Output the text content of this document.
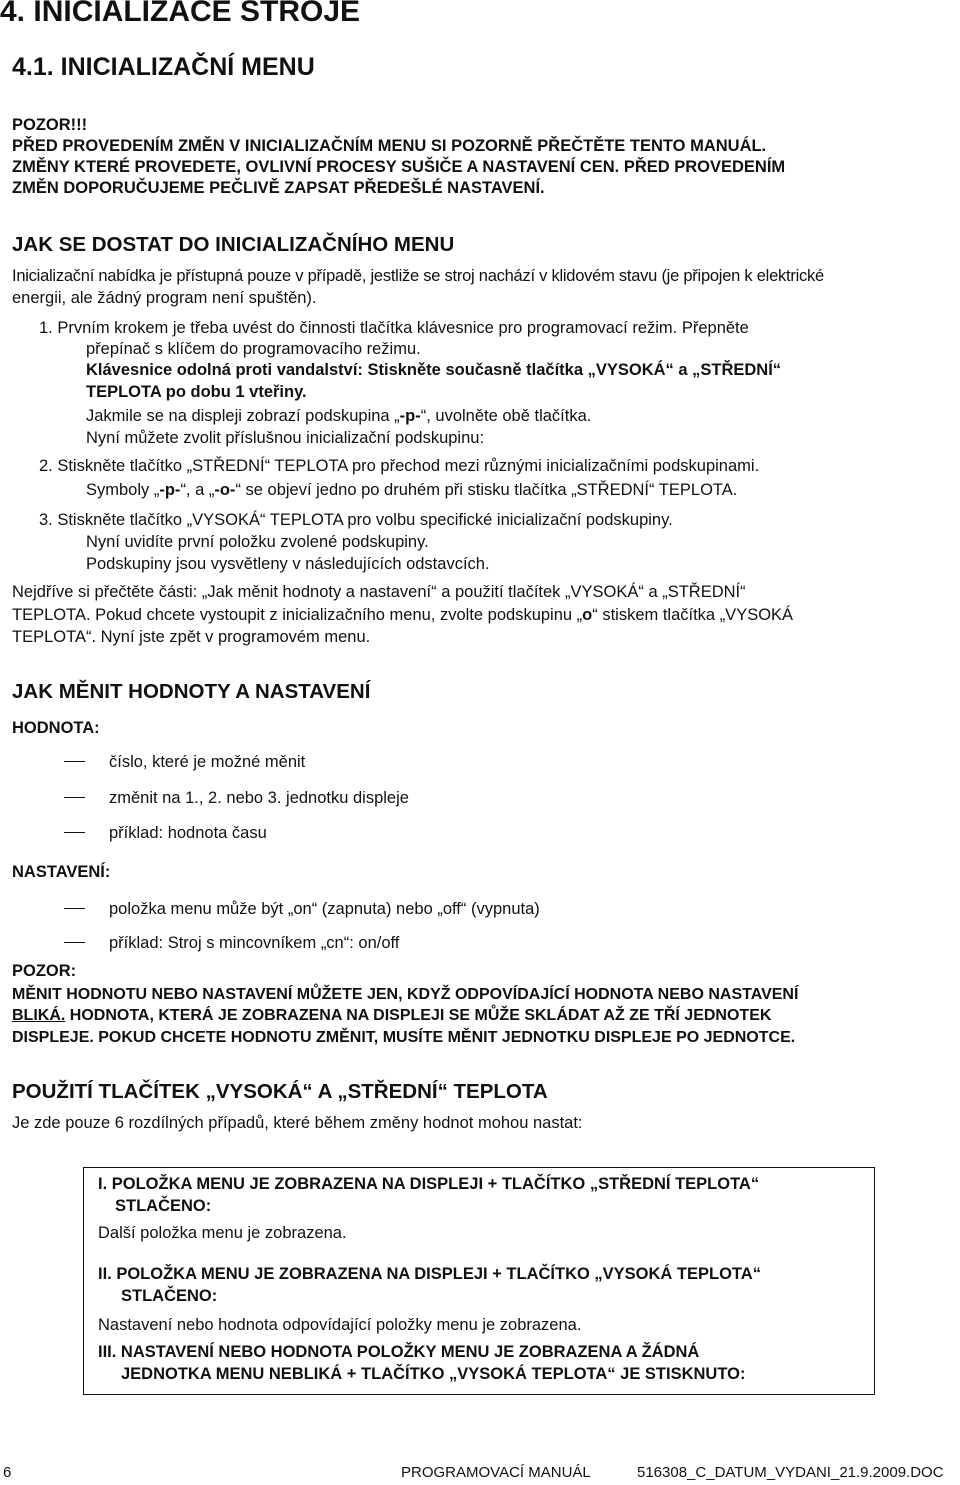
4. INICIALIZACE STROJE
4.1. INICIALIZAČNÍ MENU
POZOR!!!
PŘED PROVEDENÍM ZMĚN V INICIALIZAČNÍM MENU SI POZORNĚ PŘEČTĚTE TENTO MANUÁL.
ZMĚNY KTERÉ PROVEDETE, OVLIVNÍ PROCESY SUŠIČE A NASTAVENÍ CEN. PŘED PROVEDENÍM
ZMĚN DOPORUČUJEME PEČLIVĚ ZAPSAT PŘEDEŠLÉ NASTAVENÍ.
JAK SE DOSTAT DO INICIALIZAČNÍHO MENU
Inicializační nabídka je přístupná pouze v případě, jestliže se stroj nachází v klidovém stavu (je připojen k elektrické
energii, ale žádný program není spuštěn).
1. Prvním krokem je třeba uvést do činnosti tlačítka klávesnice pro programovací režim. Přepněte
přepínač s klíčem do programovacího režimu.
Klávesnice odolná proti vandalství: Stiskněte současně tlačítka „VYSOKÁ“ a „STŘEDNÍ“
TEPLOTA po dobu 1 vteřiny.
Jakmile se na displeji zobrazí podskupina „-p-“, uvolněte obě tlačítka.
Nyní můžete zvolit příslušnou inicializační podskupinu:
2. Stiskněte tlačítko „STŘEDNÍ“ TEPLOTA pro přechod mezi různými inicializačními podskupinami.
Symboly „-p-“, a „-o-“ se objeví jedno po druhém při stisku tlačítka „STŘEDNÍ“ TEPLOTA.
3. Stiskněte tlačítko „VYSOKÁ“ TEPLOTA pro volbu specifické inicializační podskupiny.
Nyní uvidíte první položku zvolené podskupiny.
Podskupiny jsou vysvětleny v následujících odstavcích.
Nejdříve si přečtěte části: „Jak měnit hodnoty a nastavení“ a použití tlačítek „VYSOKÁ“ a „STŘEDNÍ“
TEPLOTA. Pokud chcete vystoupit z inicializačního menu, zvolte podskupinu „o“ stiskem tlačítka „VYSOKÁ
TEPLOTA“. Nyní jste zpět v programovém menu.
JAK MĚNIT HODNOTY A NASTAVENÍ
HODNOTA:
číslo, které je možné měnit
změnit na 1., 2. nebo 3. jednotku displeje
příklad: hodnota času
NASTAVENÍ:
položka menu může být „on“ (zapnuta) nebo „off“ (vypnuta)
příklad: Stroj s mincovníkem „cn“: on/off
POZOR:
MĚNIT HODNOTU NEBO NASTAVENÍ MŮŽETE JEN, KDYŽ ODPOVÍDAJÍCÍ HODNOTA NEBO NASTAVENÍ
BLIKÁ. HODNOTA, KTERÁ JE ZOBRAZENA NA DISPLEJI SE MŮŽE SKLÁDAT AŽ ZE TŘÍ JEDNOTEK
DISPLEJE. POKUD CHCETE HODNOTU ZMĚNIT, MUSÍTE MĚNIT JEDNOTKU DISPLEJE PO JEDNOTCE.
POUŽITÍ TLAČÍTEK „VYSOKÁ“ A „STŘEDNÍ“ TEPLOTA
Je zde pouze 6 rozdílných případů, které během změny hodnot mohou nastat:
I. POLOŽKA MENU JE ZOBRAZENA NA DISPLEJI + TLAČÍTKO „STŘEDNÍ TEPLOTA“
STLAČENO:
Další položka menu je zobrazena.
II. POLOŽKA MENU JE ZOBRAZENA NA DISPLEJI + TLAČÍTKO „VYSOKÁ TEPLOTA“
STLAČENO:
Nastavení nebo hodnota odpovídající položky menu je zobrazena.
III. NASTAVENÍ NEBO HODNOTA POLOŽKY MENU JE ZOBRAZENA A ŽÁDNÁ
JEDNOTKA MENU NEBLIKÁ + TLAČÍTKO „VYSOKÁ TEPLOTA“ JE STISKNUTO:
6	PROGRAMOVACÍ MANUÁL	516308_C_DATUM_VYDANI_21.9.2009.DOC
